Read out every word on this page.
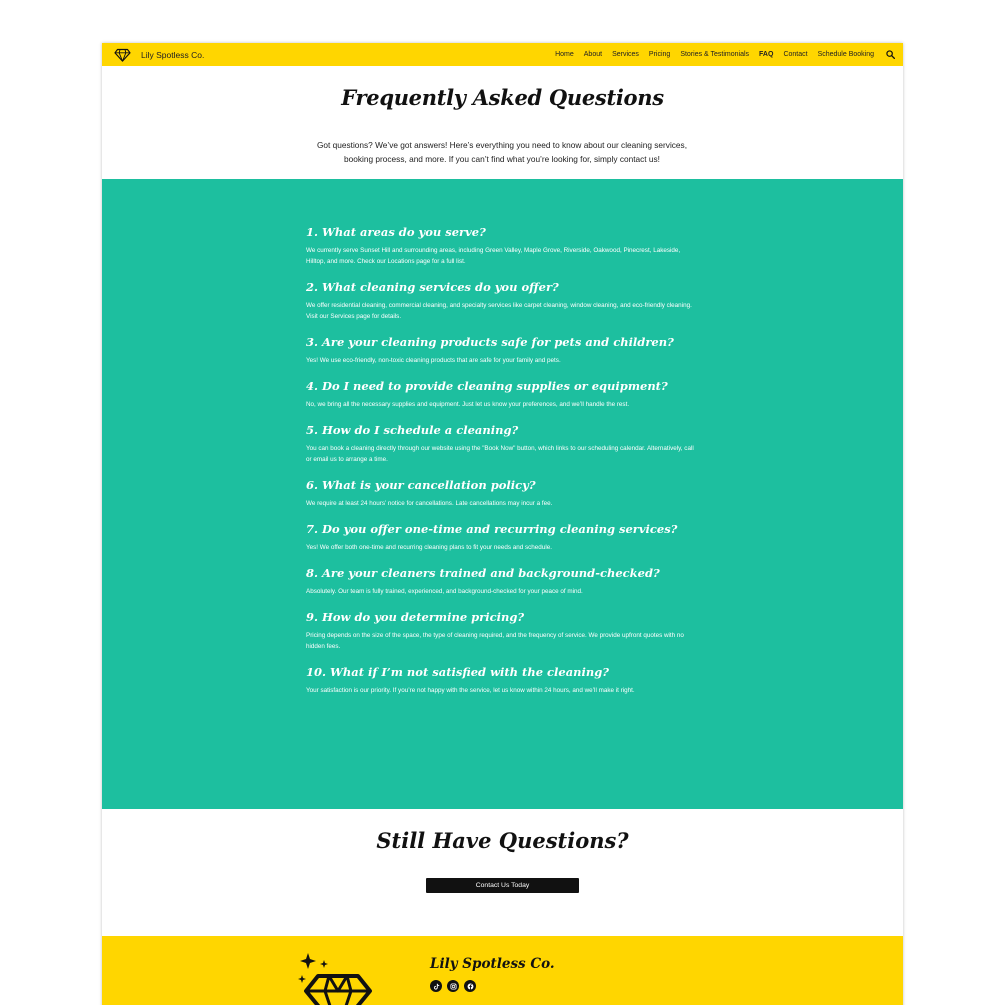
Lily Spotless Co.	Home About Services Pricing Stories & Testimonials FAQ Contact Schedule Booking
Frequently Asked Questions

Got questions? We’ve got answers! Here’s everything you need to know about our cleaning services, booking process, and more. If you can’t find what you’re looking for, simply contact us!

1. What areas do you serve?

We currently serve Sunset Hill and surrounding areas, including Green Valley, Maple Grove, Riverside, Oakwood, Pinecrest, Lakeside, Hilltop, and more. Check our Locations page for a full list.

2. What cleaning services do you offer?

We offer residential cleaning, commercial cleaning, and specialty services like carpet cleaning, window cleaning, and eco-friendly cleaning. Visit our Services page for details.

3. Are your cleaning products safe for pets and children?

Yes! We use eco-friendly, non-toxic cleaning products that are safe for your family and pets.

4. Do I need to provide cleaning supplies or equipment?

No, we bring all the necessary supplies and equipment. Just let us know your preferences, and we’ll handle the rest.

5. How do I schedule a cleaning?

You can book a cleaning directly through our website using the "Book Now" button, which links to our scheduling calendar. Alternatively, call or email us to arrange a time.

6. What is your cancellation policy?

We require at least 24 hours’ notice for cancellations. Late cancellations may incur a fee.

7. Do you offer one-time and recurring cleaning services?

Yes! We offer both one-time and recurring cleaning plans to fit your needs and schedule.

8. Are your cleaners trained and background-checked?

Absolutely. Our team is fully trained, experienced, and background-checked for your peace of mind.

9. How do you determine pricing?

Pricing depends on the size of the space, the type of cleaning required, and the frequency of service. We provide upfront quotes with no hidden fees.

10. What if I’m not satisfied with the cleaning?

Your satisfaction is our priority. If you’re not happy with the service, let us know within 24 hours, and we’ll make it right.

Still Have Questions?
Contact Us Today
Lily Spotless Co.
